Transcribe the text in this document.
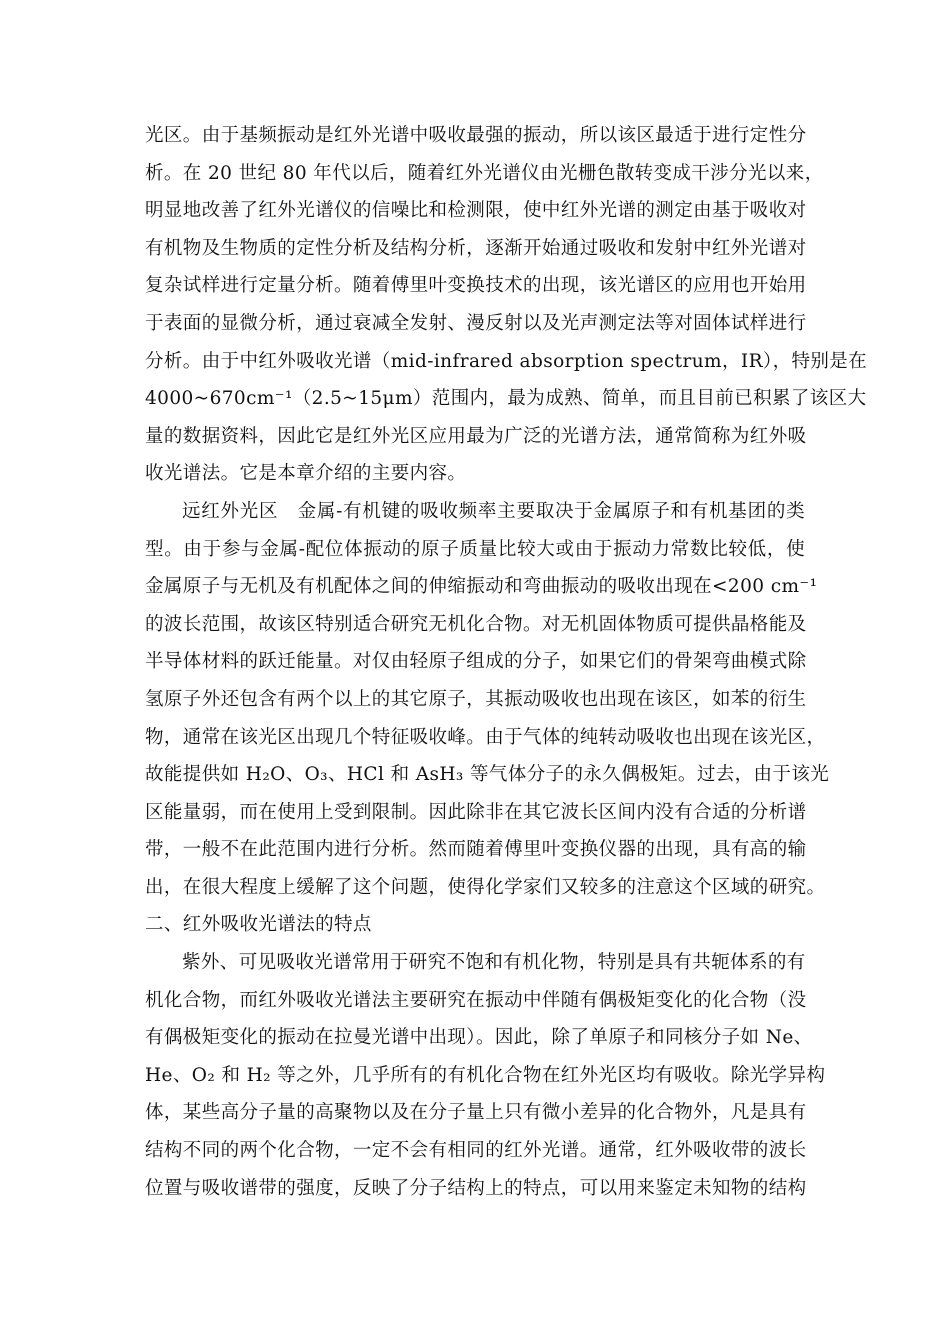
光区。由于基频振动是红外光谱中吸收最强的振动，所以该区最适于进行定性分
析。在 20 世纪 80 年代以后，随着红外光谱仪由光栅色散转变成干涉分光以来，
明显地改善了红外光谱仪的信噪比和检测限，使中红外光谱的测定由基于吸收对
有机物及生物质的定性分析及结构分析，逐渐开始通过吸收和发射中红外光谱对
复杂试样进行定量分析。随着傅里叶变换技术的出现，该光谱区的应用也开始用
于表面的显微分析，通过衰减全发射、漫反射以及光声测定法等对固体试样进行
分析。由于中红外吸收光谱（mid-infrared absorption spectrum，IR），特别是在
4000~670cm⁻¹（2.5~15μm）范围内，最为成熟、简单，而且目前已积累了该区大
量的数据资料，因此它是红外光区应用最为广泛的光谱方法，通常简称为红外吸
收光谱法。它是本章介绍的主要内容。
远红外光区　金属-有机键的吸收频率主要取决于金属原子和有机基团的类
型。由于参与金属-配位体振动的原子质量比较大或由于振动力常数比较低，使
金属原子与无机及有机配体之间的伸缩振动和弯曲振动的吸收出现在<200 cm⁻¹
的波长范围，故该区特别适合研究无机化合物。对无机固体物质可提供晶格能及
半导体材料的跃迁能量。对仅由轻原子组成的分子，如果它们的骨架弯曲模式除
氢原子外还包含有两个以上的其它原子，其振动吸收也出现在该区，如苯的衍生
物，通常在该光区出现几个特征吸收峰。由于气体的纯转动吸收也出现在该光区，
故能提供如 H₂O、O₃、HCl 和 AsH₃ 等气体分子的永久偶极矩。过去，由于该光
区能量弱，而在使用上受到限制。因此除非在其它波长区间内没有合适的分析谱
带，一般不在此范围内进行分析。然而随着傅里叶变换仪器的出现，具有高的输
出，在很大程度上缓解了这个问题，使得化学家们又较多的注意这个区域的研究。
二、红外吸收光谱法的特点
紫外、可见吸收光谱常用于研究不饱和有机化物，特别是具有共轭体系的有
机化合物，而红外吸收光谱法主要研究在振动中伴随有偶极矩变化的化合物（没
有偶极矩变化的振动在拉曼光谱中出现）。因此，除了单原子和同核分子如 Ne、
He、O₂ 和 H₂ 等之外，几乎所有的有机化合物在红外光区均有吸收。除光学异构
体，某些高分子量的高聚物以及在分子量上只有微小差异的化合物外，凡是具有
结构不同的两个化合物，一定不会有相同的红外光谱。通常，红外吸收带的波长
位置与吸收谱带的强度，反映了分子结构上的特点，可以用来鉴定未知物的结构
